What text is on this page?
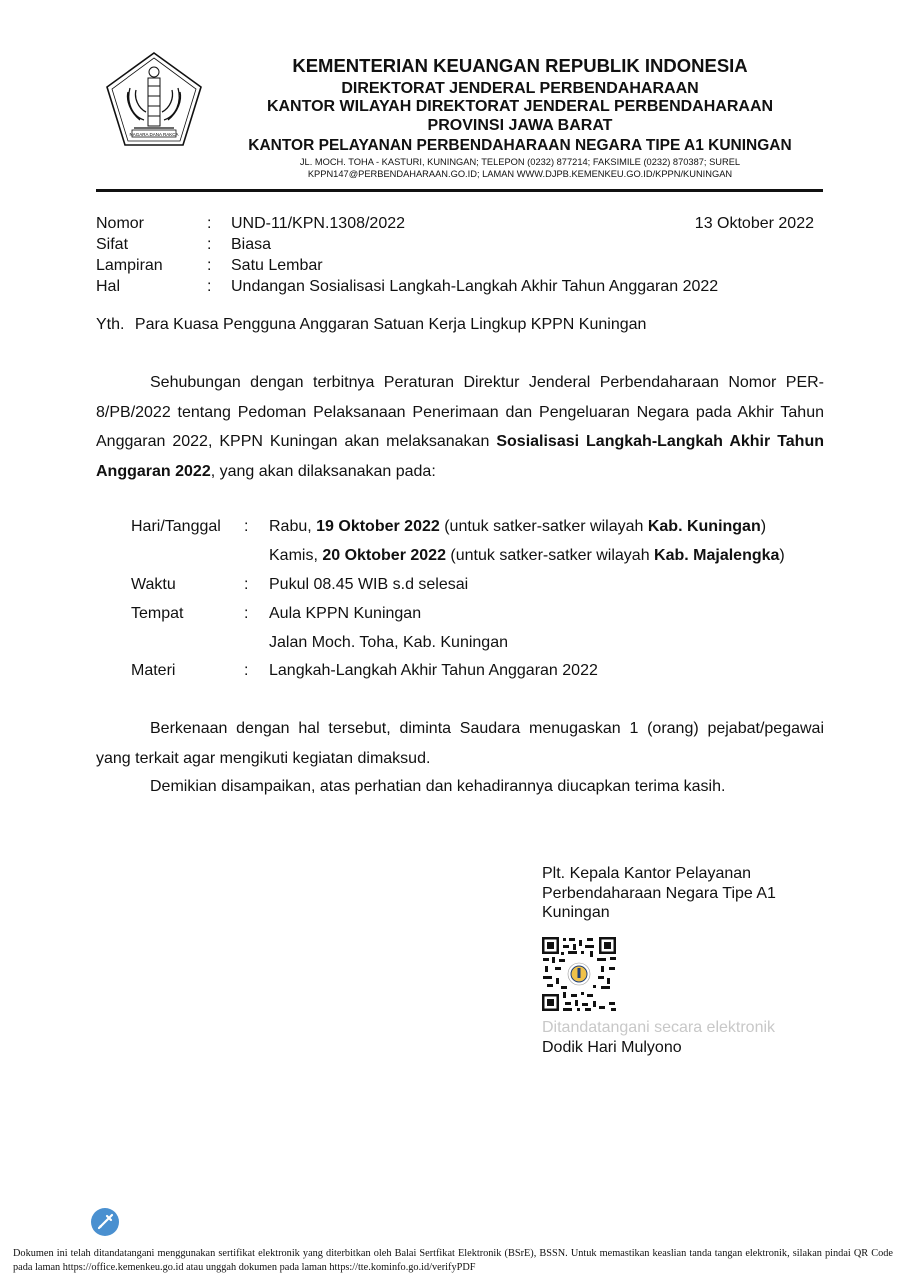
NAGARA DANA RAKCA
KEMENTERIAN KEUANGAN REPUBLIK INDONESIA
DIREKTORAT JENDERAL PERBENDAHARAAN
KANTOR WILAYAH DIREKTORAT JENDERAL PERBENDAHARAAN
PROVINSI JAWA BARAT
KANTOR PELAYANAN PERBENDAHARAAN NEGARA TIPE A1 KUNINGAN
JL. MOCH. TOHA - KASTURI, KUNINGAN; TELEPON (0232) 877214; FAKSIMILE (0232) 870387; SUREL
KPPN147@PERBENDAHARAAN.GO.ID; LAMAN WWW.DJPB.KEMENKEU.GO.ID/KPPN/KUNINGAN
Nomor	: UND-11/KPN.1308/2022	13 Oktober 2022
Sifat	: Biasa
Lampiran	: Satu Lembar
Hal	: Undangan Sosialisasi Langkah-Langkah Akhir Tahun Anggaran 2022
Yth. Para Kuasa Pengguna Anggaran Satuan Kerja Lingkup KPPN Kuningan
Sehubungan dengan terbitnya Peraturan Direktur Jenderal Perbendaharaan Nomor PER-8/PB/2022 tentang Pedoman Pelaksanaan Penerimaan dan Pengeluaran Negara pada Akhir Tahun Anggaran 2022, KPPN Kuningan akan melaksanakan Sosialisasi Langkah-Langkah Akhir Tahun Anggaran 2022, yang akan dilaksanakan pada:
Hari/Tanggal : Rabu, 19 Oktober 2022 (untuk satker-satker wilayah Kab. Kuningan)
Kamis, 20 Oktober 2022 (untuk satker-satker wilayah Kab. Majalengka)
Waktu	: Pukul 08.45 WIB s.d selesai
Tempat	: Aula KPPN Kuningan
Jalan Moch. Toha, Kab. Kuningan
Materi	: Langkah-Langkah Akhir Tahun Anggaran 2022
Berkenaan dengan hal tersebut, diminta Saudara menugaskan 1 (orang) pejabat/pegawai yang terkait agar mengikuti kegiatan dimaksud.
Demikian disampaikan, atas perhatian dan kehadirannya diucapkan terima kasih.
Plt. Kepala Kantor Pelayanan
Perbendaharaan Negara Tipe A1
Kuningan
Ditandatangani secara elektronik
Dodik Hari Mulyono
Dokumen ini telah ditandatangani menggunakan sertifikat elektronik yang diterbitkan oleh Balai Sertfikat Elektronik (BSrE), BSSN. Untuk memastikan keaslian tanda tangan elektronik, silakan pindai QR Code pada laman https://office.kemenkeu.go.id atau unggah dokumen pada laman https://tte.kominfo.go.id/verifyPDF
